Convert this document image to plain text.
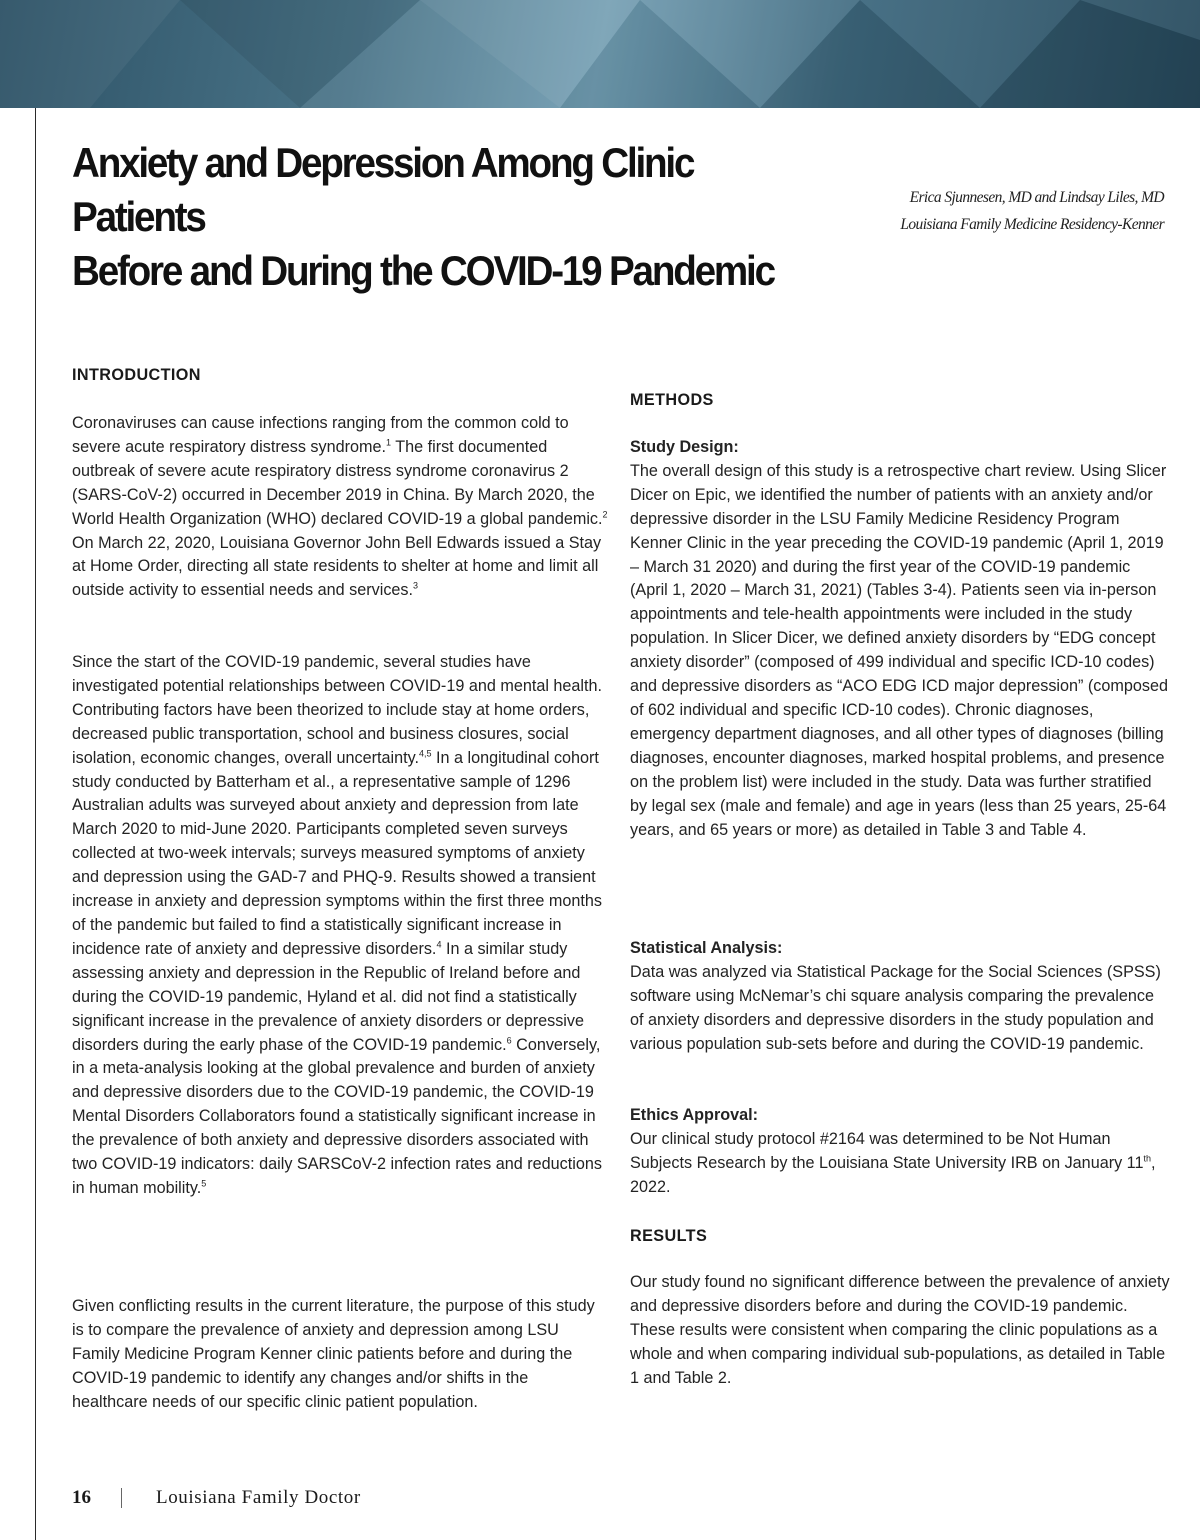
Anxiety and Depression Among Clinic Patients
Before and During the COVID-19 Pandemic
Erica Sjunnesen, MD and Lindsay Liles, MD
Louisiana Family Medicine Residency-Kenner
INTRODUCTION

Coronaviruses can cause infections ranging from the common cold to severe acute respiratory distress syndrome.$^1$ The first documented outbreak of severe acute respiratory distress syndrome coronavirus 2 (SARS-CoV-2) occurred in December 2019 in China. By March 2020, the World Health Organization (WHO) declared COVID-19 a global pandemic.$^2$ On March 22, 2020, Louisiana Governor John Bell Edwards issued a Stay at Home Order, directing all state residents to shelter at home and limit all outside activity to essential needs and services.$^3$

Since the start of the COVID-19 pandemic, several studies have investigated potential relationships between COVID-19 and mental health. Contributing factors have been theorized to include stay at home orders, decreased public transportation, school and business closures, social isolation, economic changes, overall uncertainty.$^{4,5}$ In a longitudinal cohort study conducted by Batterham et al., a representative sample of 1296 Australian adults was surveyed about anxiety and depression from late March 2020 to mid-June 2020. Participants completed seven surveys collected at two-week intervals; surveys measured symptoms of anxiety and depression using the GAD-7 and PHQ-9. Results showed a transient increase in anxiety and depression symptoms within the first three months of the pandemic but failed to find a statistically significant increase in incidence rate of anxiety and depressive disorders.$^4$ In a similar study assessing anxiety and depression in the Republic of Ireland before and during the COVID-19 pandemic, Hyland et al. did not find a statistically significant increase in the prevalence of anxiety disorders or depressive disorders during the early phase of the COVID-19 pandemic.$^6$ Conversely, in a meta-analysis looking at the global prevalence and burden of anxiety and depressive disorders due to the COVID-19 pandemic, the COVID-19 Mental Disorders Collaborators found a statistically significant increase in the prevalence of both anxiety and depressive disorders associated with two COVID-19 indicators: daily SARSCoV-2 infection rates and reductions in human mobility.$^5$

Given conflicting results in the current literature, the purpose of this study is to compare the prevalence of anxiety and depression among LSU Family Medicine Program Kenner clinic patients before and during the COVID-19 pandemic to identify any changes and/or shifts in the healthcare needs of our specific clinic patient population.

METHODS
Study Design:

The overall design of this study is a retrospective chart review. Using Slicer Dicer on Epic, we identified the number of patients with an anxiety and/or depressive disorder in the LSU Family Medicine Residency Program Kenner Clinic in the year preceding the COVID-19 pandemic (April 1, 2019 – March 31 2020) and during the first year of the COVID-19 pandemic (April 1, 2020 – March 31, 2021) (Tables 3-4). Patients seen via in-person appointments and tele-health appointments were included in the study population. In Slicer Dicer, we defined anxiety disorders by “EDG concept anxiety disorder” (composed of 499 individual and specific ICD-10 codes) and depressive disorders as “ACO EDG ICD major depression” (composed of 602 individual and specific ICD-10 codes). Chronic diagnoses, emergency department diagnoses, and all other types of diagnoses (billing diagnoses, encounter diagnoses, marked hospital problems, and presence on the problem list) were included in the study. Data was further stratified by legal sex (male and female) and age in years (less than 25 years, 25-64 years, and 65 years or more) as detailed in Table 3 and Table 4.

Statistical Analysis:

Data was analyzed via Statistical Package for the Social Sciences (SPSS) software using McNemar’s chi square analysis comparing the prevalence of anxiety disorders and depressive disorders in the study population and various population sub-sets before and during the COVID-19 pandemic.

Ethics Approval:

Our clinical study protocol #2164 was determined to be Not Human Subjects Research by the Louisiana State University IRB on January 11th, 2022.

RESULTS

Our study found no significant difference between the prevalence of anxiety and depressive disorders before and during the COVID-19 pandemic. These results were consistent when comparing the clinic populations as a whole and when comparing individual sub-populations, as detailed in Table 1 and Table 2.

16	Louisiana Family Doctor
